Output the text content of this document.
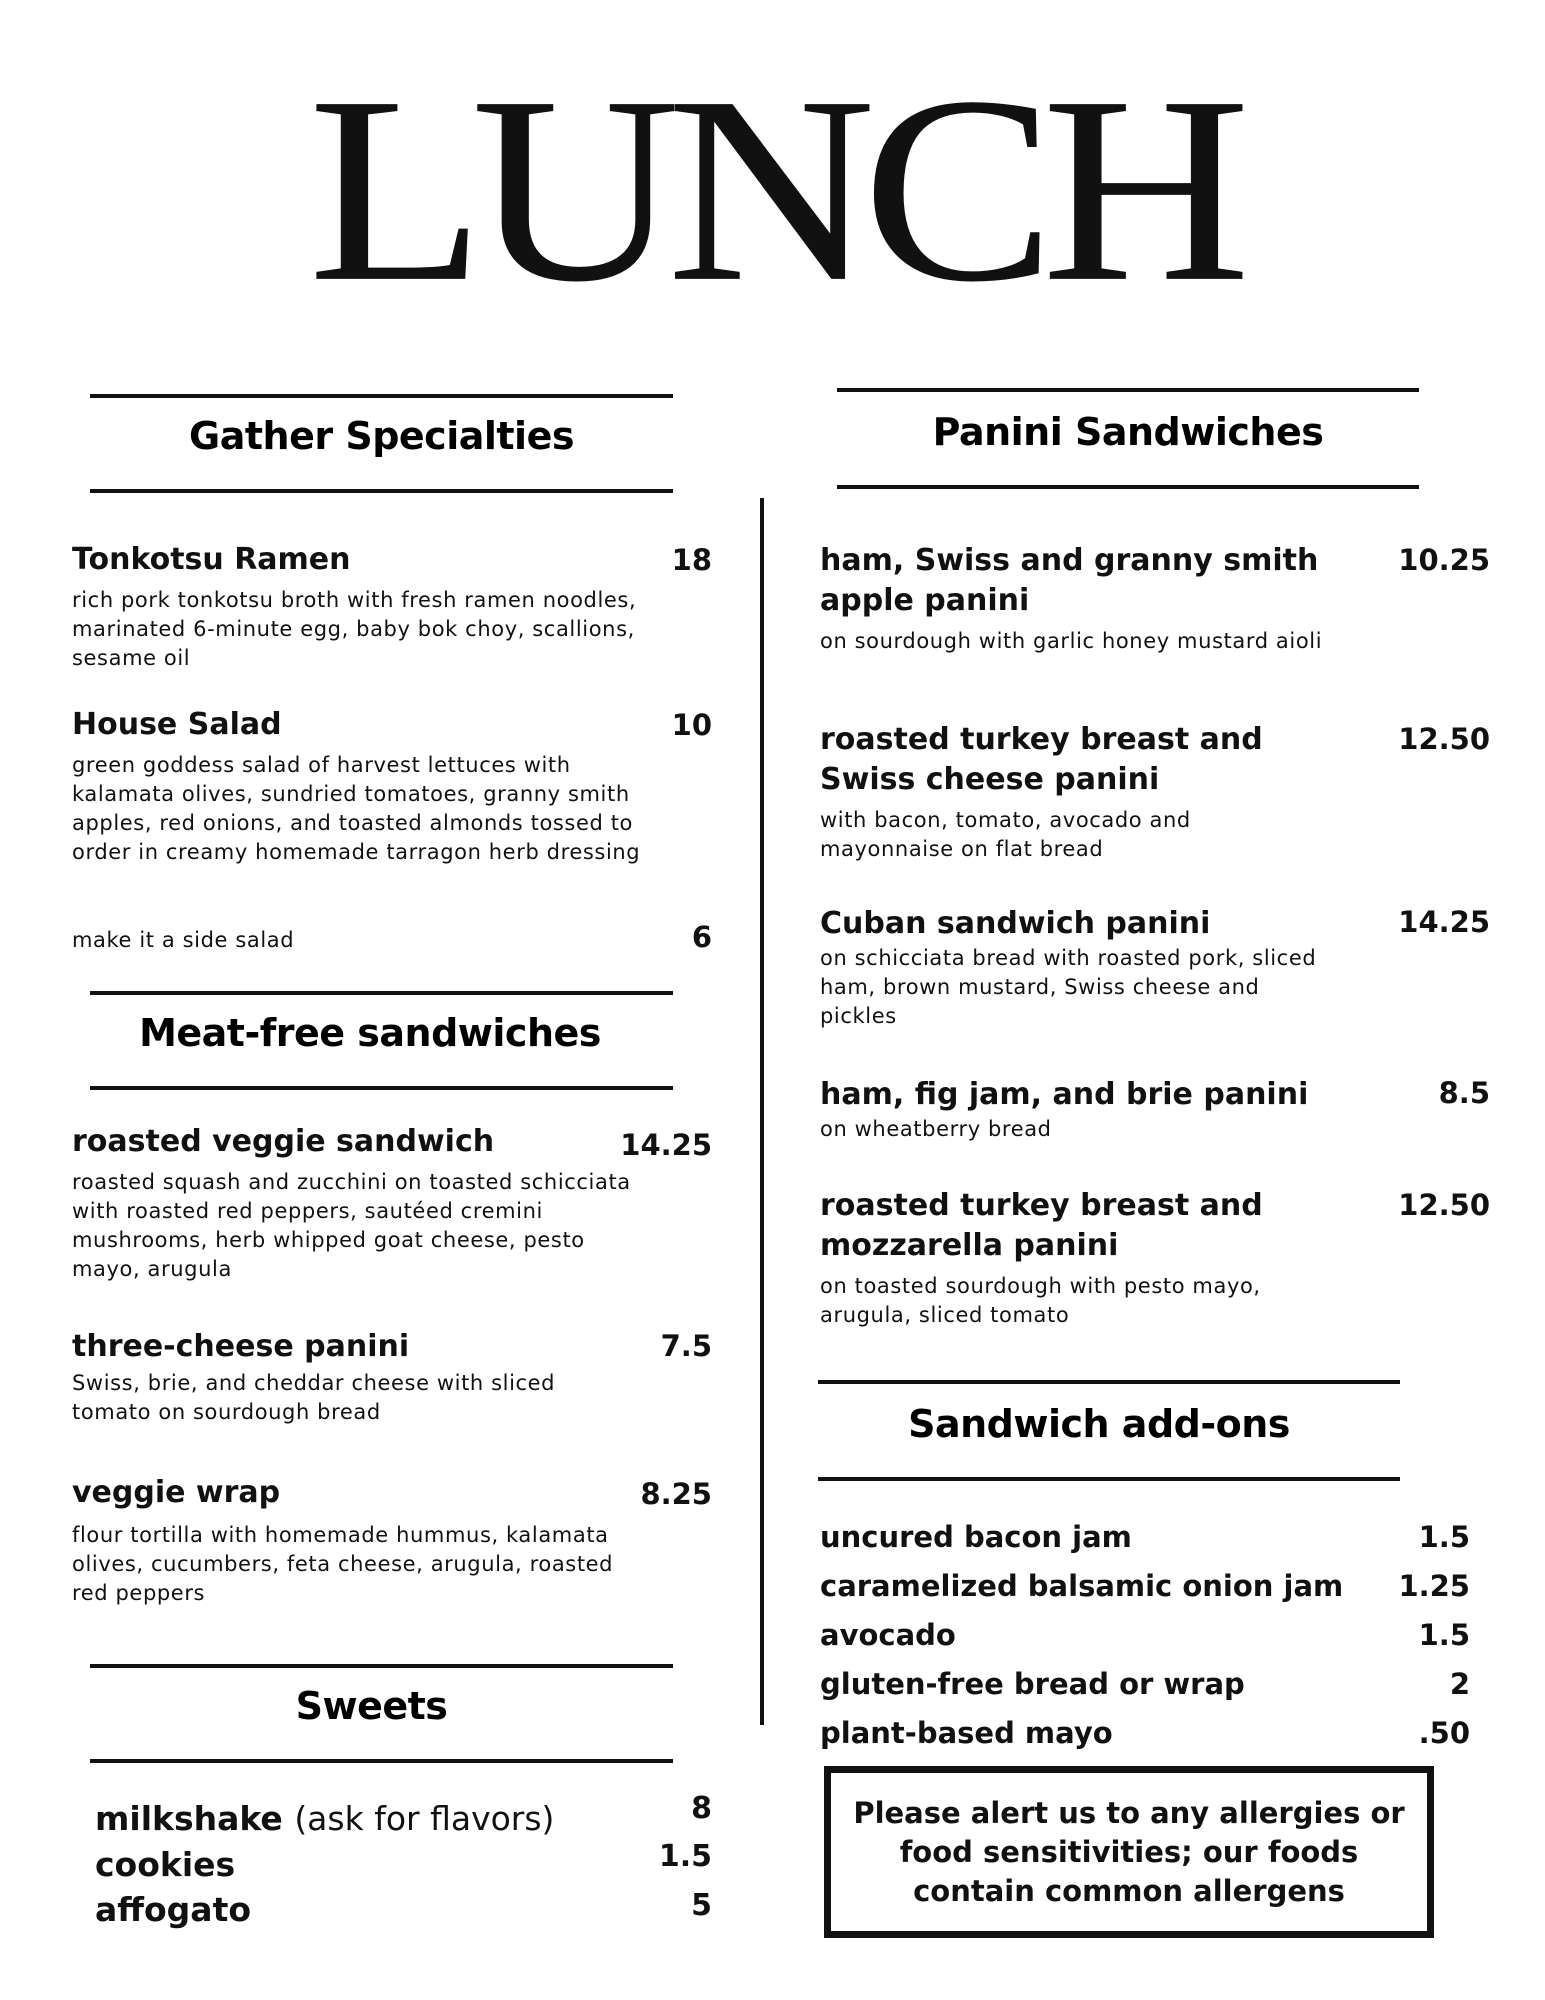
LUNCH
Gather Specialties
Tonkotsu Ramen
rich pork tonkotsu broth with fresh ramen noodles, marinated 6-minute egg, baby bok choy, scallions, sesame oil
18
House Salad
green goddess salad of harvest lettuces with kalamata olives, sundried tomatoes, granny smith apples, red onions, and toasted almonds tossed to order in creamy homemade tarragon herb dressing
10
make it a side salad	6
Meat-free sandwiches
roasted veggie sandwich
roasted squash and zucchini on toasted schicciata with roasted red peppers, sautéed cremini mushrooms, herb whipped goat cheese, pesto mayo, arugula
14.25
three-cheese panini
Swiss, brie, and cheddar cheese with sliced tomato on sourdough bread
7.5
veggie wrap
flour tortilla with homemade hummus, kalamata olives, cucumbers, feta cheese, arugula, roasted red peppers
8.25
Sweets
milkshake (ask for flavors)	8
cookies	1.5
affogato	5
Panini Sandwiches
ham, Swiss and granny smith apple panini
on sourdough with garlic honey mustard aioli
10.25
roasted turkey breast and Swiss cheese panini
with bacon, tomato, avocado and mayonnaise on flat bread
12.50
Cuban sandwich panini
on schicciata bread with roasted pork, sliced ham, brown mustard, Swiss cheese and pickles
14.25
ham, fig jam, and brie panini
on wheatberry bread
8.5
roasted turkey breast and mozzarella panini
on toasted sourdough with pesto mayo, arugula, sliced tomato
12.50
Sandwich add-ons
uncured bacon jam	1.5
caramelized balsamic onion jam 1.25
avocado	1.5
gluten-free bread or wrap	2
plant-based mayo	.50
Please alert us to any allergies or food sensitivities; our foods contain common allergens
